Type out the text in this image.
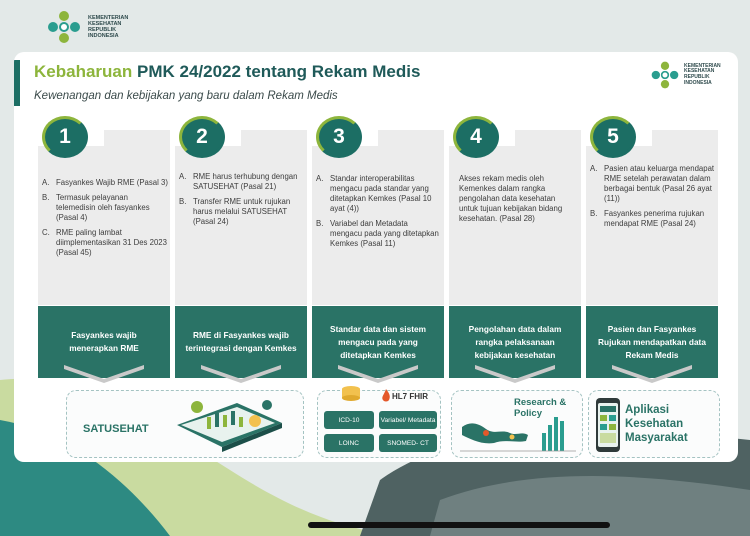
KEMENTERIAN KESEHATAN REPUBLIK INDONESIA
Kebaharuan PMK 24/2022 tentang Rekam Medis
Kewenangan dan kebijakan yang baru dalam Rekam Medis
KEMENTERIAN KESEHATAN REPUBLIK INDONESIA
1
A. Fasyankes Wajib RME (Pasal 3)
B. Termasuk pelayanan telemedisin oleh fasyankes (Pasal 4)
C. RME paling lambat diimplementasikan 31 Des 2023 (Pasal 45)
Fasyankes wajib menerapkan RME
2
A. RME harus terhubung dengan SATUSEHAT (Pasal 21)
B. Transfer RME untuk rujukan harus melalui SATUSEHAT (Pasal 24)
RME di Fasyankes wajib terintegrasi dengan Kemkes
3
A. Standar interoperabilitas mengacu pada standar yang ditetapkan Kemkes (Pasal 10 ayat (4))
B. Variabel dan Metadata mengacu pada yang ditetapkan Kemkes (Pasal 11)
Standar data dan sistem mengacu pada yang ditetapkan Kemkes
4
Akses rekam medis oleh Kemenkes dalam rangka pengolahan data kesehatan untuk tujuan kebijakan bidang kesehatan. (Pasal 28)
Pengolahan data dalam rangka pelaksanaan kebijakan kesehatan
5
A. Pasien atau keluarga mendapat RME setelah perawatan dalam berbagai bentuk (Pasal 26 ayat (11))
B. Fasyankes penerima rujukan mendapat RME (Pasal 24)
Pasien dan Fasyankes Rujukan mendapatkan data Rekam Medis
SATUSEHAT
HL7 FHIR
ICD-10	Variabel/ Metadata
LOINC	SNOMED- CT
Research & Policy	Aplikasi Kesehatan Masyarakat
